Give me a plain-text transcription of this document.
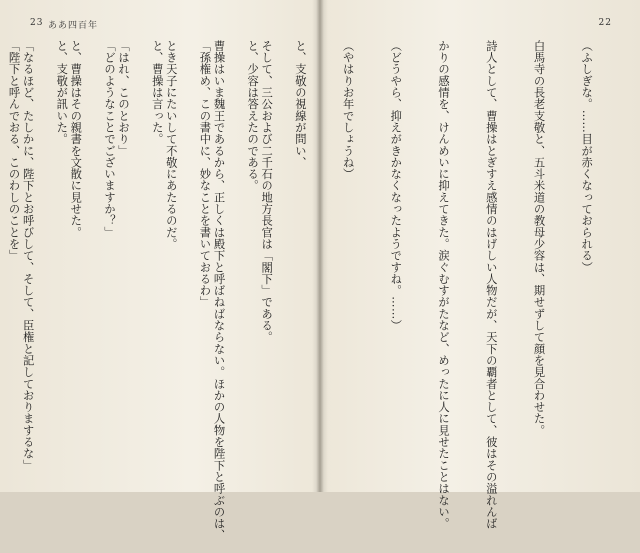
23 ああ四百年

そして、三公および二千石の地方長官は「閣下」である。

曹操はいま魏王であるから、正しくは殿下と呼ばねばならない。ほかの人物を陛下と呼ぶのは、

とき天子にたいして不敬にあたるのだ。

「はれ、このとおり」

と、曹操はその親書を文散に見せた。

「なるほど、たしかに、陛下とお呼びして、そして、臣権と記しておりまするな」

22

（ふしぎな。……目が赤くなっておられる）

白馬寺の長老支敬と、五斗米道の教母少容は、期せずして顔を見合わせた。

詩人として、曹操はとぎすえ感情のはげしい人物だが、天下の覇者として、彼はその溢れんば

かりの感情を、けんめいに抑えてきた。涙ぐむすがたなど、めったに人に見せたことはない。

（どうやら、抑えがきかなくなったようですね。……）

（やはりお年でしょうね）

と、支敬の視線が問い、

と、少容は答えたのである。

「孫権め、この書中に、妙なことを書いておるわ」

と、曹操は言った。

「どのようなことでございますか？」

と、支敬が訊いた。

「陛下と呼んでおる、このわしのことを」
